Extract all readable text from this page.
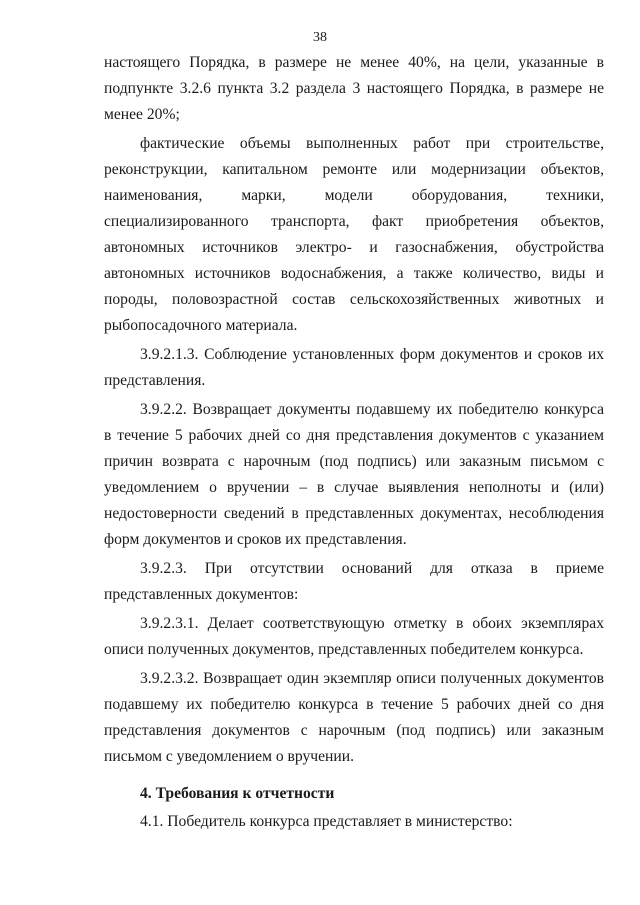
38

настоящего Порядка, в размере не менее 40%, на цели, указанные в подпункте 3.2.6 пункта 3.2 раздела 3 настоящего Порядка, в размере не менее 20%;

фактические объемы выполненных работ при строительстве, реконструкции, капитальном ремонте или модернизации объектов, наименования, марки, модели оборудования, техники, специализированного транспорта, факт приобретения объектов, автономных источников электро- и газоснабжения, обустройства автономных источников водоснабжения, а также количество, виды и породы, половозрастной состав сельскохозяйственных животных и рыбопосадочного материала.

3.9.2.1.3. Соблюдение установленных форм документов и сроков их представления.

3.9.2.2. Возвращает документы подавшему их победителю конкурса в течение 5 рабочих дней со дня представления документов с указанием причин возврата с нарочным (под подпись) или заказным письмом с уведомлением о вручении – в случае выявления неполноты и (или) недостоверности сведений в представленных документах, несоблюдения форм документов и сроков их представления.

3.9.2.3. При отсутствии оснований для отказа в приеме представленных документов:

3.9.2.3.1. Делает соответствующую отметку в обоих экземплярах описи полученных документов, представленных победителем конкурса.

3.9.2.3.2. Возвращает один экземпляр описи полученных документов подавшему их победителю конкурса в течение 5 рабочих дней со дня представления документов с нарочным (под подпись) или заказным письмом с уведомлением о вручении.

4. Требования к отчетности

4.1. Победитель конкурса представляет в министерство:
